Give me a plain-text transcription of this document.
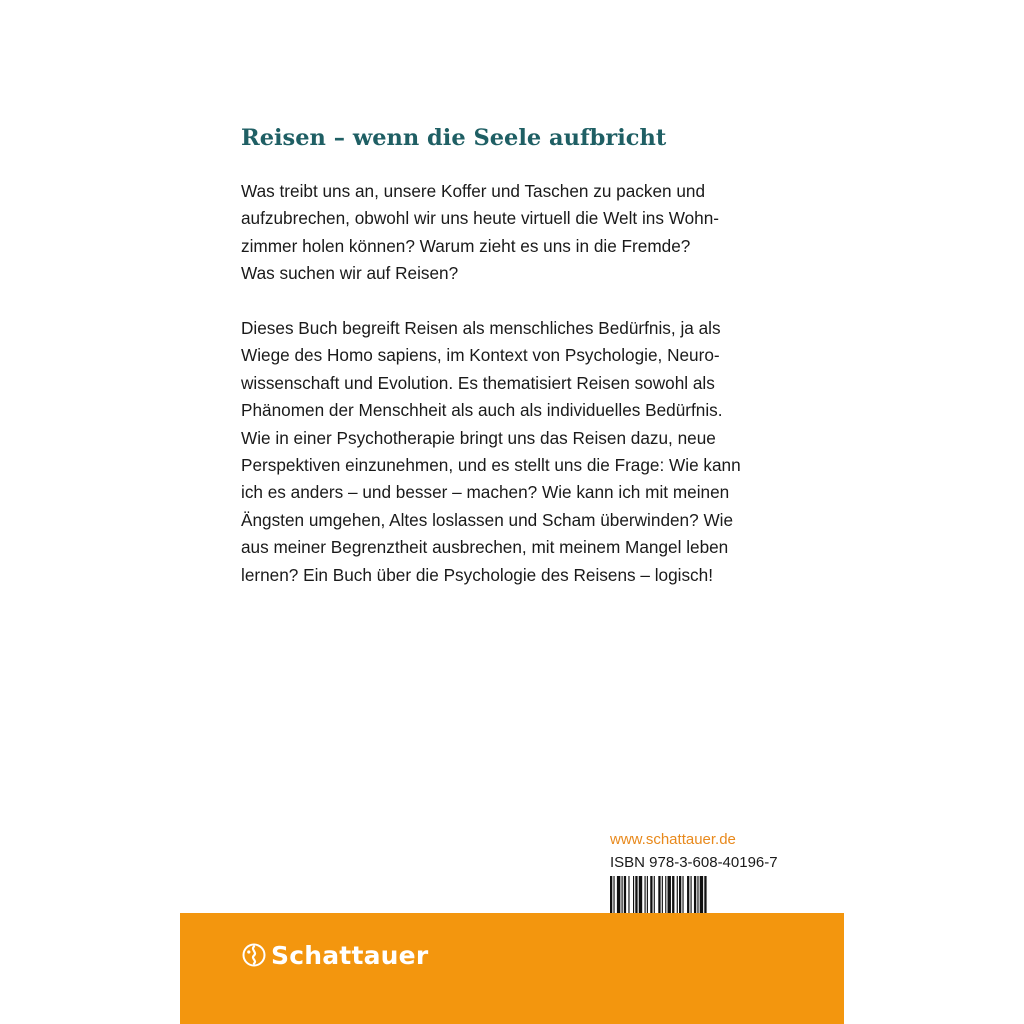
Reisen – wenn die Seele aufbricht

Was treibt uns an, unsere Koffer und Taschen zu packen und
aufzubrechen, obwohl wir uns heute virtuell die Welt ins Wohn-
zimmer holen können? Warum zieht es uns in die Fremde?
Was suchen wir auf Reisen?

Dieses Buch begreift Reisen als menschliches Bedürfnis, ja als
Wiege des Homo sapiens, im Kontext von Psychologie, Neuro-
wissenschaft und Evolution. Es thematisiert Reisen sowohl als
Phänomen der Menschheit als auch als individuelles Bedürfnis.
Wie in einer Psychotherapie bringt uns das Reisen dazu, neue
Perspektiven einzunehmen, und es stellt uns die Frage: Wie kann
ich es anders – und besser – machen? Wie kann ich mit meinen
Ängsten umgehen, Altes loslassen und Scham überwinden? Wie
aus meiner Begrenztheit ausbrechen, mit meinem Mangel leben
lernen? Ein Buch über die Psychologie des Reisens – logisch!

www.schattauer.de
ISBN 978-3-608-40196-7
Schattauer
